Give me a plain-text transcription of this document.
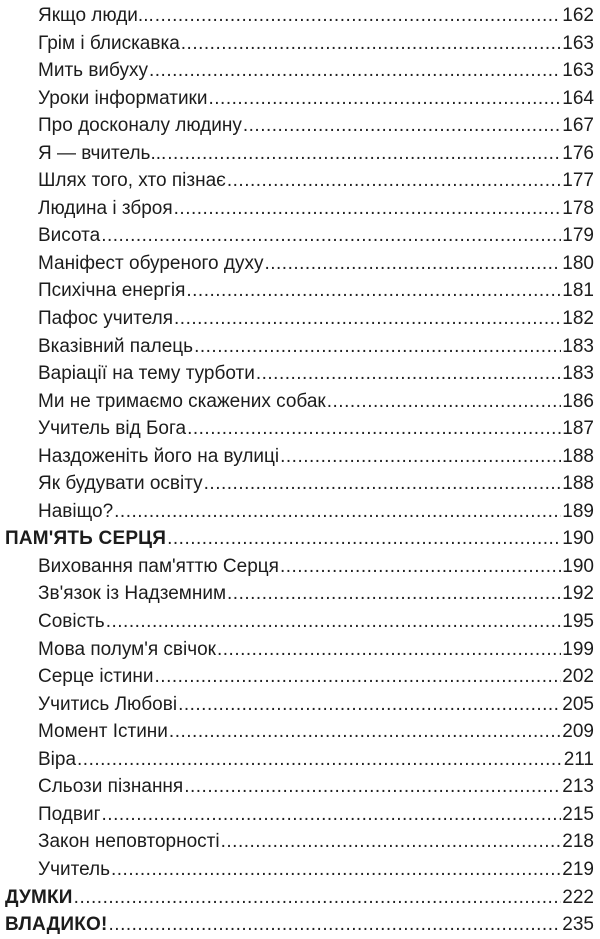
Якщо люди... .....	162
Грім і блискавка .....	163
Мить вибуху .....	163
Уроки інформатики .....	164
Про досконалу людину .....	167
Я — вчитель... .....	176
Шлях того, хто пізнає .....	177
Людина і зброя .....	178
Висота .....	179
Маніфест обуреного духу .....	180
Психічна енергія .....	181
Пафос учителя .....	182
Вказівний палець .....	183
Варіації на тему турботи .....	183
Ми не тримаємо скажених собак .....	186
Учитель від Бога .....	187
Наздоженіть його на вулиці .....	188
Як будувати освіту .....	188
Навіщо? .....	189
ПАМ'ЯТЬ СЕРЦЯ .....	190
Виховання пам'яттю Серця .....	190
Зв'язок із Надземним .....	192
Совість .....	195
Мова полум'я свічок .....	199
Серце істини .....	202
Учитись Любові .....	205
Момент Істини .....	209
Віра .....	211
Сльози пізнання .....	213
Подвиг .....	215
Закон неповторності .....	218
Учитель .....	219
ДУМКИ .....	222
ВЛАДИКО! .....	235
